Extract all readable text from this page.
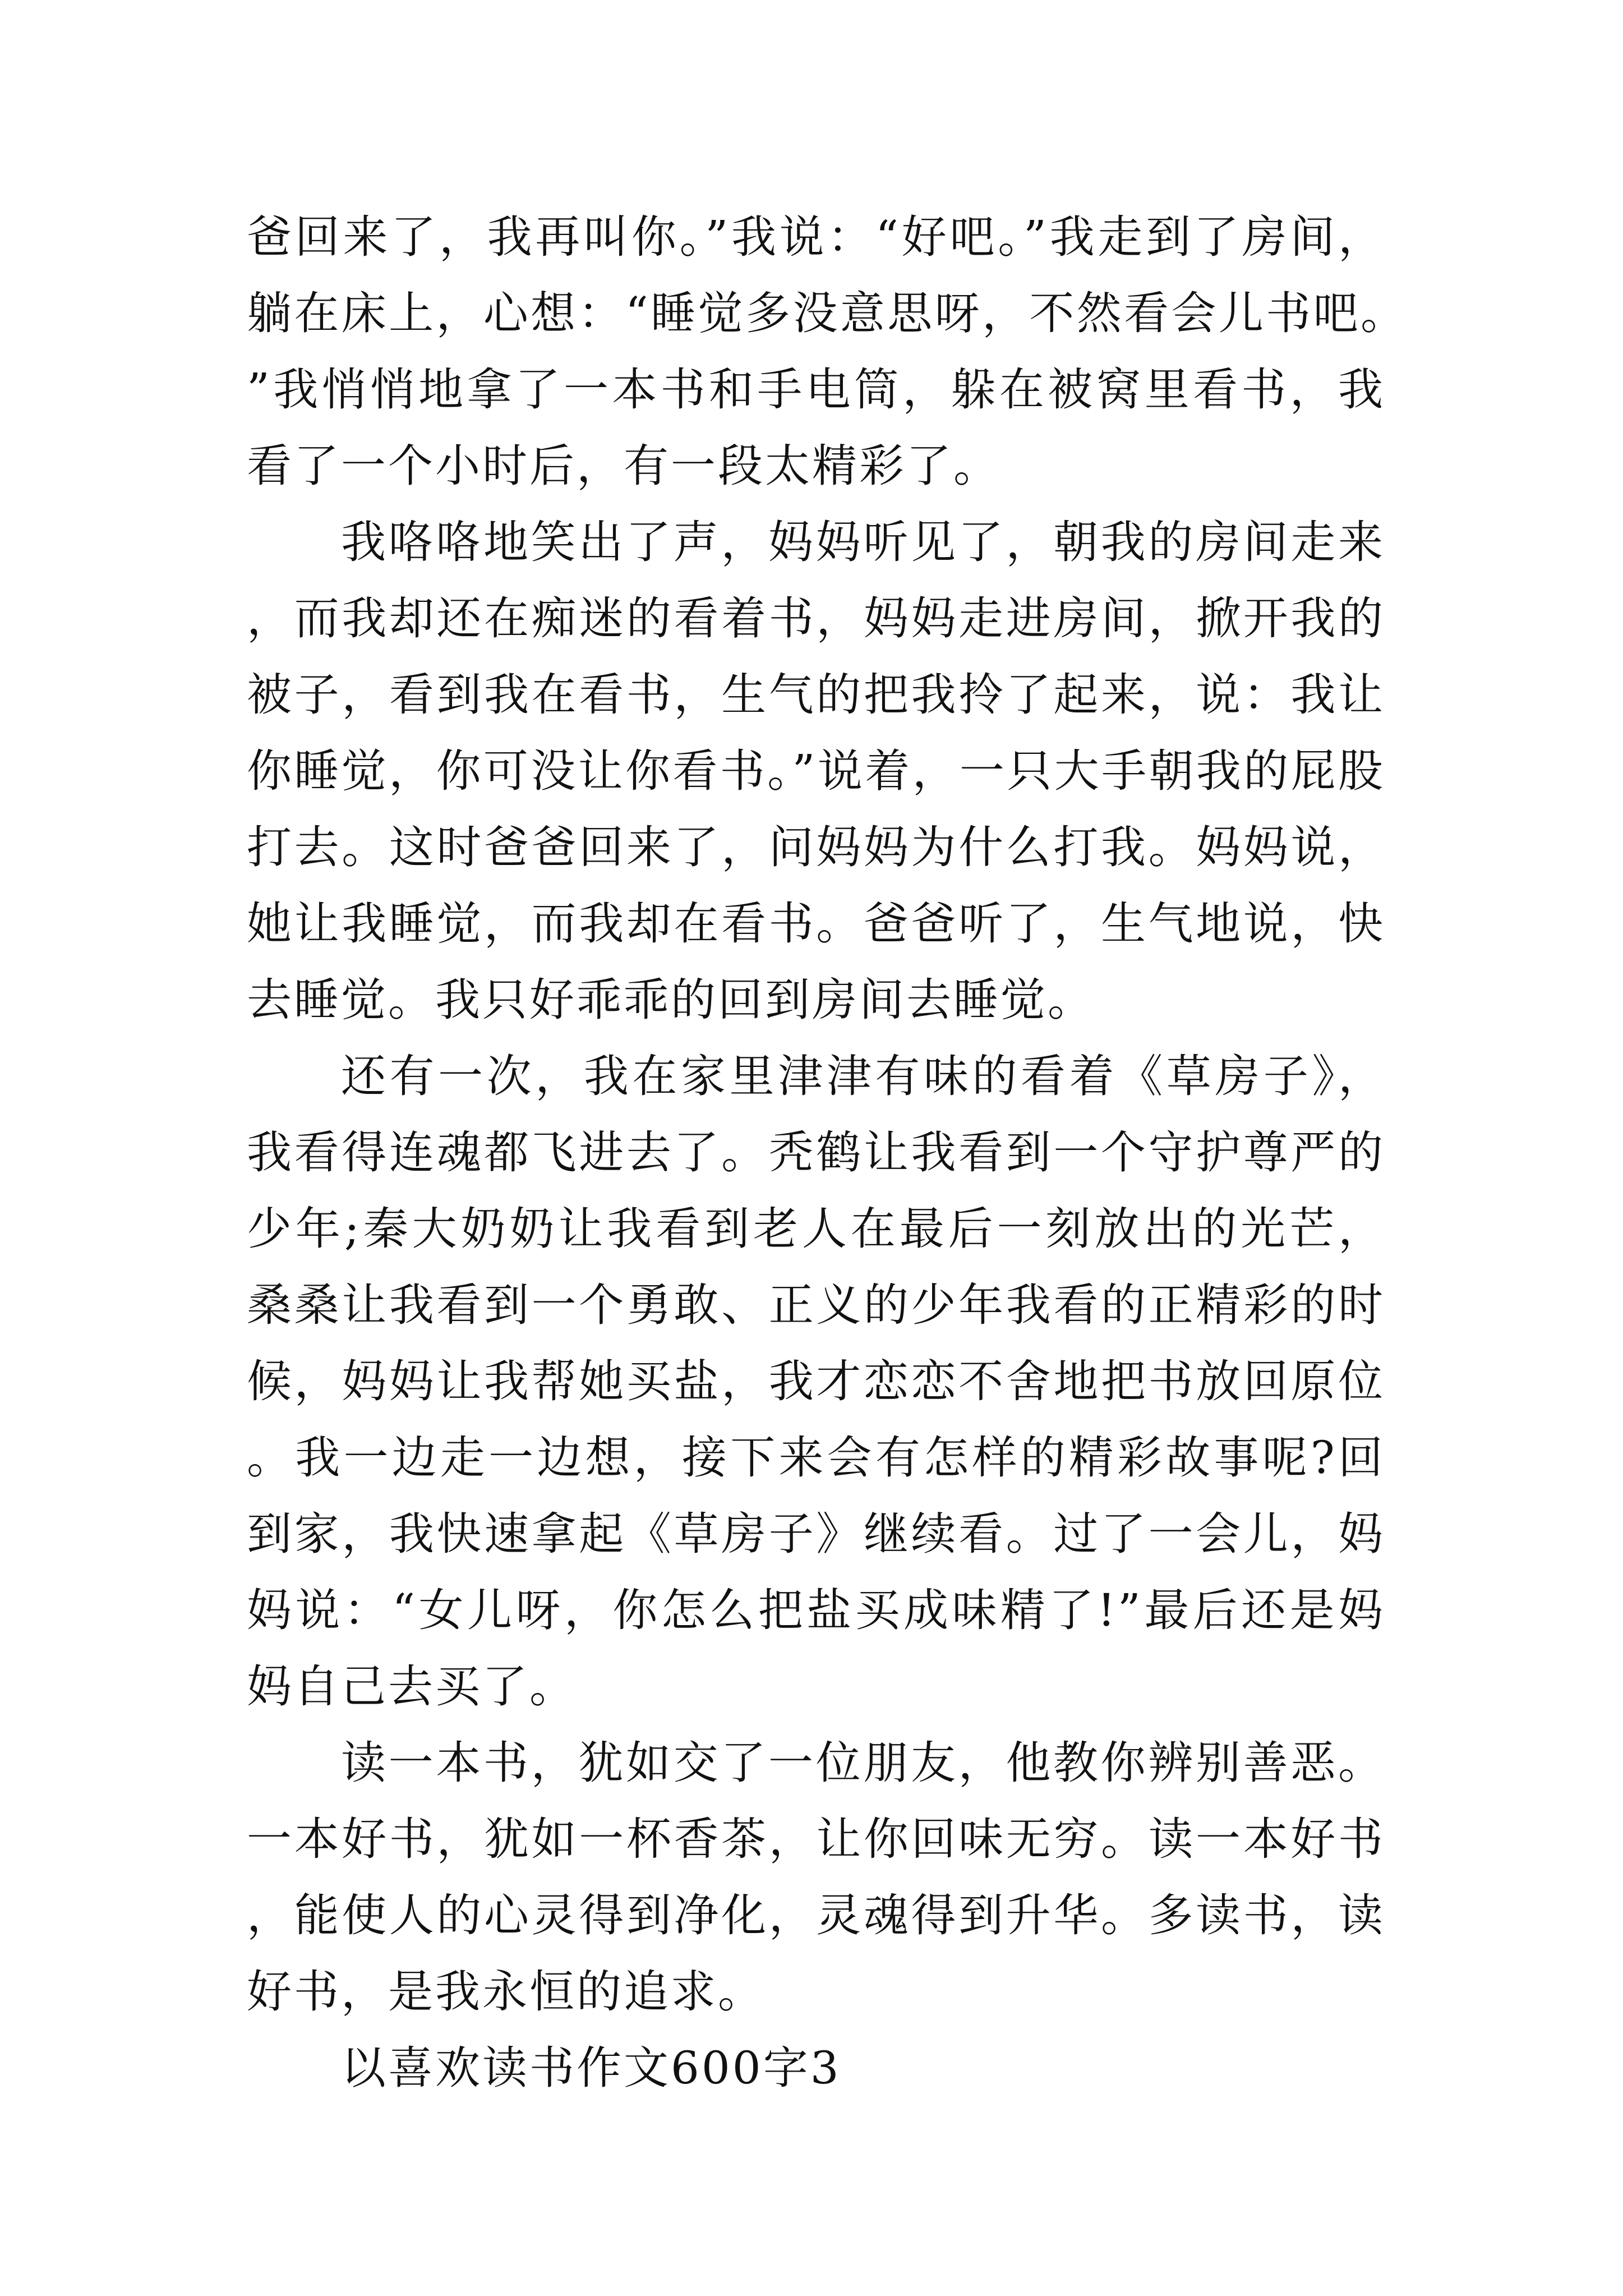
爸回来了，我再叫你。”我说：“好吧。”我走到了房间，躺在床上，心想：“睡觉多没意思呀，不然看会儿书吧。”我悄悄地拿了一本书和手电筒，躲在被窝里看书，我看了一个小时后，有一段太精彩了。

我咯咯地笑出了声，妈妈听见了，朝我的房间走来，而我却还在痴迷的看着书，妈妈走进房间，掀开我的被子，看到我在看书，生气的把我拎了起来，说：我让你睡觉，你可没让你看书。”说着，一只大手朝我的屁股打去。这时爸爸回来了，问妈妈为什么打我。妈妈说，她让我睡觉，而我却在看书。爸爸听了，生气地说，快去睡觉。我只好乖乖的回到房间去睡觉。

还有一次，我在家里津津有味的看着《草房子》，我看得连魂都飞进去了。秃鹤让我看到一个守护尊严的少年;秦大奶奶让我看到老人在最后一刻放出的光芒，桑桑让我看到一个勇敢、正义的少年我看的正精彩的时候，妈妈让我帮她买盐，我才恋恋不舍地把书放回原位。我一边走一边想，接下来会有怎样的精彩故事呢?回到家，我快速拿起《草房子》继续看。过了一会儿，妈妈说：“女儿呀，你怎么把盐买成味精了!”最后还是妈妈自己去买了。

读一本书，犹如交了一位朋友，他教你辨别善恶。一本好书，犹如一杯香茶，让你回味无穷。读一本好书，能使人的心灵得到净化，灵魂得到升华。多读书，读好书，是我永恒的追求。

以喜欢读书作文600字3
